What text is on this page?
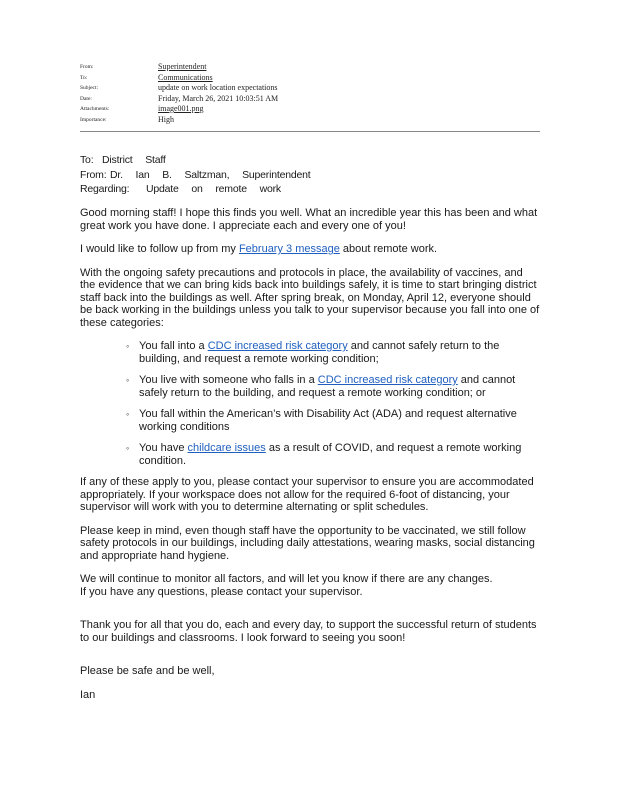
From:	Superintendent
To:	Communications
Subject:	update on work location expectations
Date:	Friday, March 26, 2021 10:03:51 AM
Attachments:	image001.png
Importance:	High
To: District Staff
From: Dr. Ian B. Saltzman, Superintendent
Regarding:	Update on remote work

Good morning staff! I hope this finds you well. What an incredible year this has been and what great work you have done. I appreciate each and every one of you!

I would like to follow up from my February 3 message about remote work.

With the ongoing safety precautions and protocols in place, the availability of vaccines, and the evidence that we can bring kids back into buildings safely, it is time to start bringing district staff back into the buildings as well. After spring break, on Monday, April 12, everyone should be back working in the buildings unless you talk to your supervisor because you fall into one of these categories:

◦ You fall into a CDC increased risk category and cannot safely return to the building, and request a remote working condition;
◦ You live with someone who falls in a CDC increased risk category and cannot safely return to the building, and request a remote working condition; or
◦ You fall within the American’s with Disability Act (ADA) and request alternative working conditions
◦ You have childcare issues as a result of COVID, and request a remote working condition.

If any of these apply to you, please contact your supervisor to ensure you are accommodated appropriately. If your workspace does not allow for the required 6-foot of distancing, your supervisor will work with you to determine alternating or split schedules.

Please keep in mind, even though staff have the opportunity to be vaccinated, we still follow safety protocols in our buildings, including daily attestations, wearing masks, social distancing and appropriate hand hygiene.

We will continue to monitor all factors, and will let you know if there are any changes.
If you have any questions, please contact your supervisor.

Thank you for all that you do, each and every day, to support the successful return of students to our buildings and classrooms. I look forward to seeing you soon!

Please be safe and be well,

Ian
